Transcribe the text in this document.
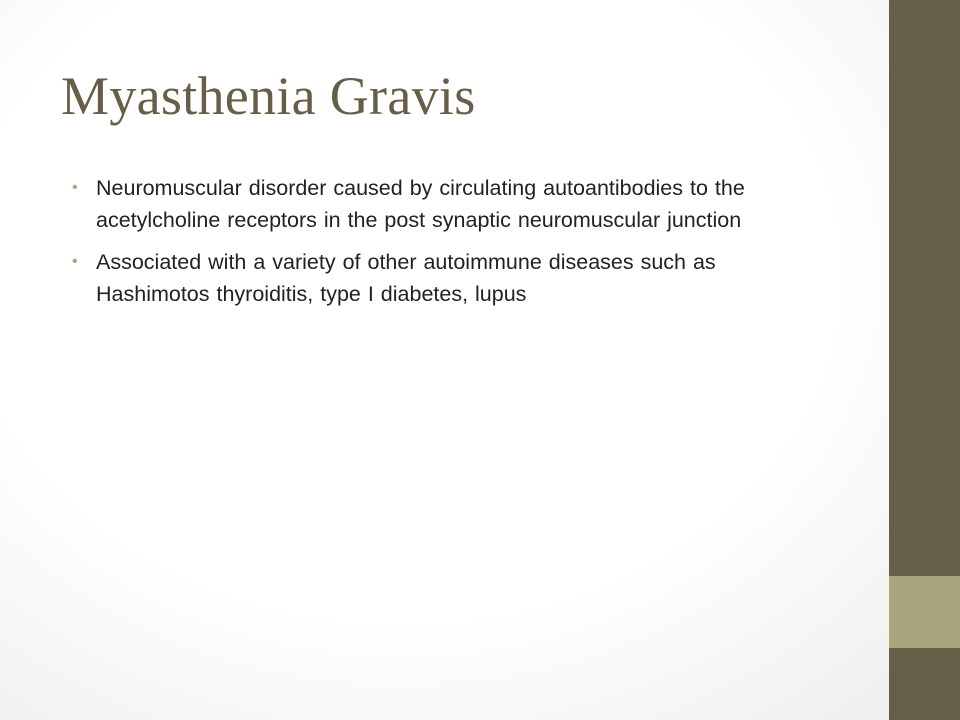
Myasthenia Gravis
• Neuromuscular disorder caused by circulating autoantibodies to the acetylcholine receptors in the post synaptic neuromuscular junction
• Associated with a variety of other autoimmune diseases such as Hashimotos thyroiditis, type I diabetes, lupus
